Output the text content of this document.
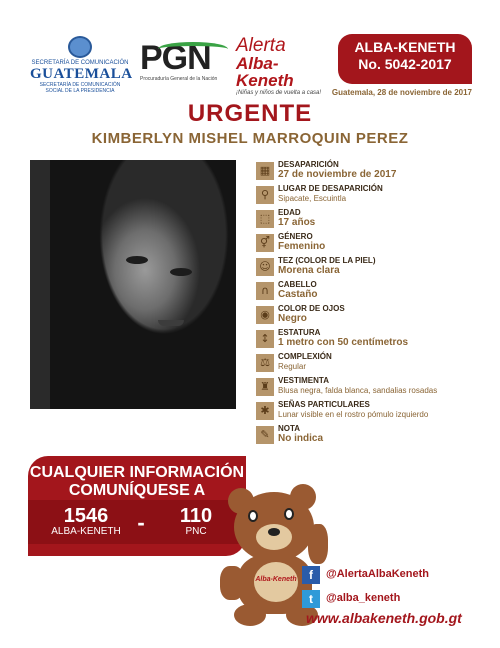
SECRETARÍA DE COMUNICACIÓN
GUATEMALA
SECRETARÍA DE COMUNICACIÓN
SOCIAL DE LA PRESIDENCIA
PGN
Procuraduría General de la Nación
Alerta
Alba-Keneth
¡Niñas y niños de vuelta a casa!
ALBA-KENETH
No. 5042-2017
Guatemala, 28 de noviembre de 2017
URGENTE
KIMBERLYN MISHEL MARROQUIN PEREZ
▦ DESAPARICIÓN
27 de noviembre de 2017
⚲	LUGAR DE DESAPARICIÓN
Sipacate, Escuintla
⬚ EDAD
17 años
⚥	GÉNERO
Femenino
☺ TEZ (COLOR DE LA PIEL)
Morena clara
∩	CABELLO
Castaño
◉	COLOR DE OJOS
Negro
↕	ESTATURA
1 metro con 50 centímetros
⚖	COMPLEXIÓN
Regular
♜	VESTIMENTA
Blusa negra, falda blanca, sandalias rosadas
✱	SEÑAS PARTICULARES
Lunar visible en el rostro pómulo izquierdo
✎	NOTA
No indica
CUALQUIER INFORMACIÓN
COMUNÍQUESE A
1546
ALBA-KENETH -	110
PNC
Alba-Keneth	f	@AlertaAlbaKeneth
t	@alba_keneth
www.albakeneth.gob.gt
